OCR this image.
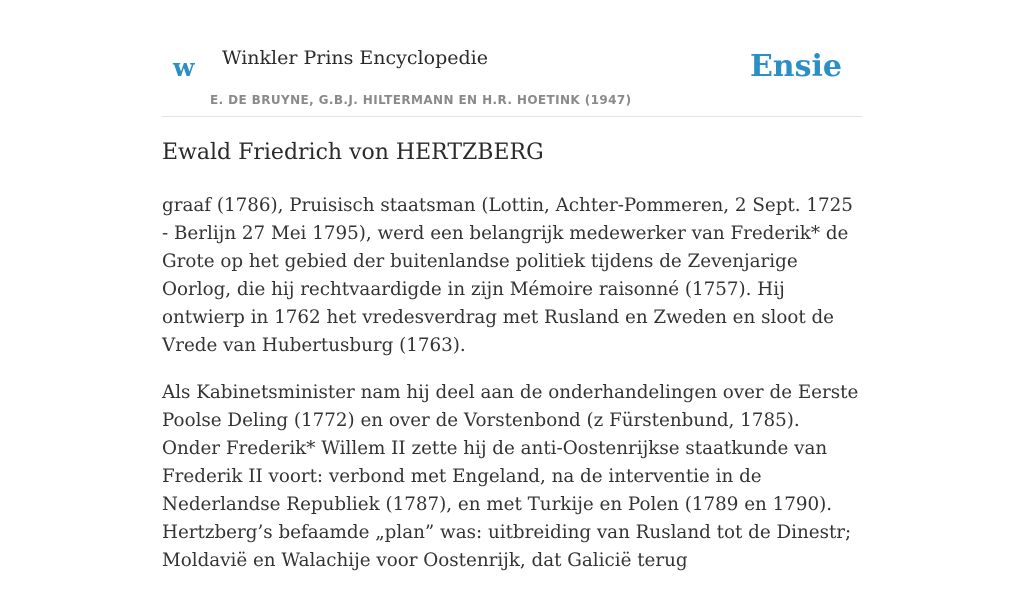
w Winkler Prins Encyclopedie
E. DE BRUYNE, G.B.J. HILTERMANN EN H.R. HOETINK (1947)
Ensie
Ewald Friedrich von HERTZBERG

graaf (1786), Pruisisch staatsman (Lottin, Achter-Pommeren, 2 Sept. 1725 - Berlijn 27 Mei 1795), werd een belangrijk medewerker van Frederik* de Grote op het gebied der buitenlandse politiek tijdens de Zevenjarige Oorlog, die hij rechtvaardigde in zijn Mémoire raisonné (1757). Hij ontwierp in 1762 het vredesverdrag met Rusland en Zweden en sloot de Vrede van Hubertusburg (1763).

Als Kabinetsminister nam hij deel aan de onderhandelingen over de Eerste Poolse Deling (1772) en over de Vorstenbond (z Fürstenbund, 1785). Onder Frederik* Willem II zette hij de anti-Oostenrijkse staatkunde van Frederik II voort: verbond met Engeland, na de interventie in de Nederlandse Republiek (1787), en met Turkije en Polen (1789 en 1790). Hertzberg’s befaamde „plan” was: uitbreiding van Rusland tot de Dinestr; Moldavië en Walachije voor Oostenrijk, dat Galicië terug
